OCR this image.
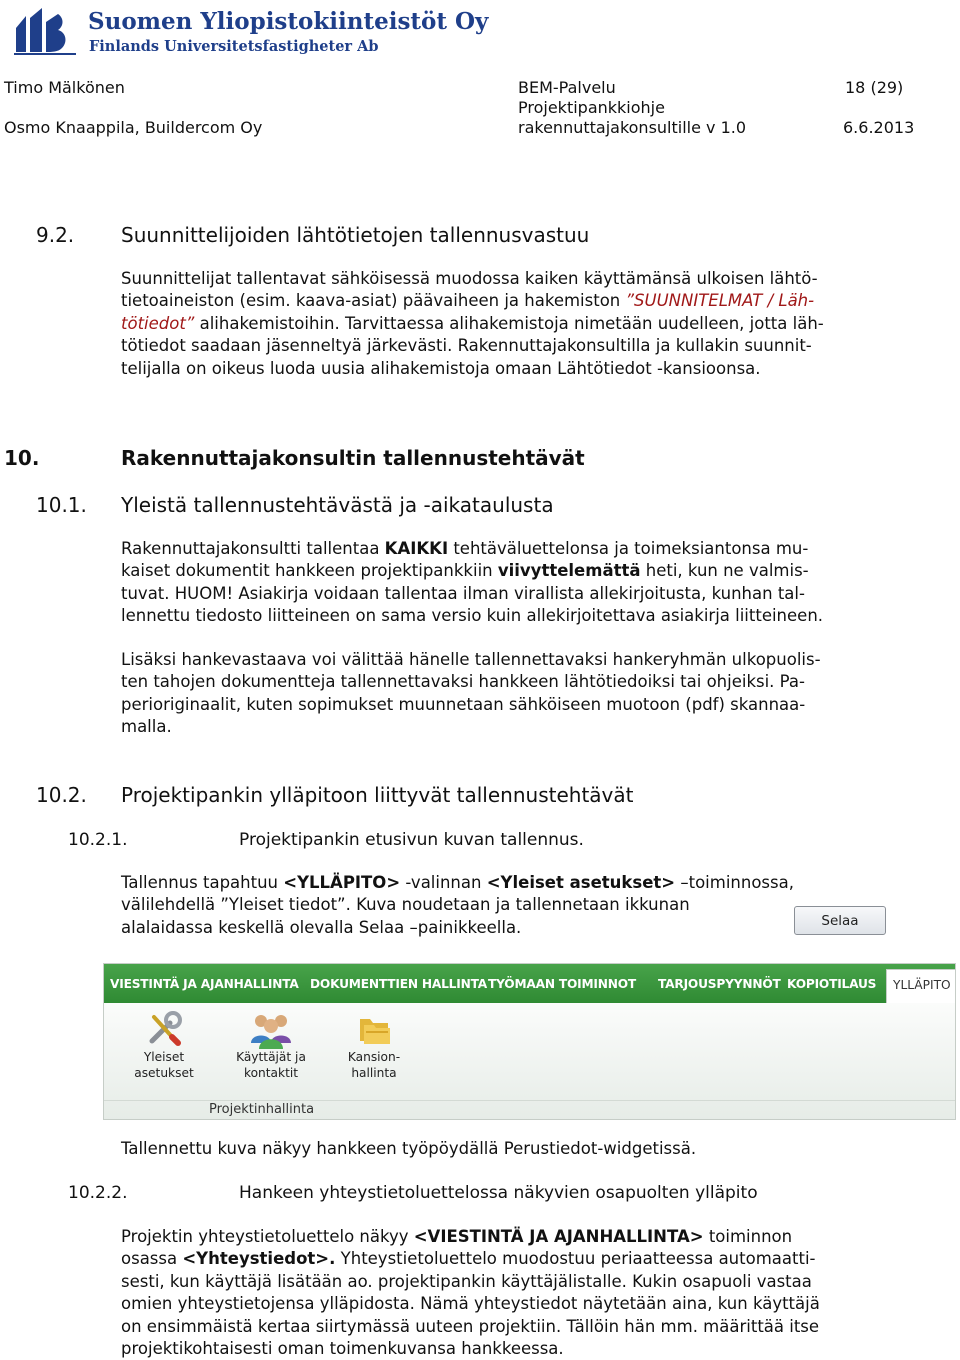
Suomen Yliopistokiinteistöt Oy
Finlands Universitetsfastigheter Ab
Timo Mälkönen
Osmo Knaappila, Buildercom Oy
BEM-Palvelu
Projektipankkiohje
rakennuttajakonsultille v 1.0
18 (29)
6.6.2013
9.2. Suunnittelijoiden lähtötietojen tallennusvastuu
Suunnittelijat tallentavat sähköisessä muodossa kaiken käyttämänsä ulkoisen lähtö-
tietoaineiston (esim. kaava-asiat) päävaiheen ja hakemiston ”SUUNNITELMAT / Läh-
tötiedot” alihakemistoihin. Tarvittaessa alihakemistoja nimetään uudelleen, jotta läh-
tötiedot saadaan jäsenneltyä järkevästi. Rakennuttajakonsultilla ja kullakin suunnit-
telijalla on oikeus luoda uusia alihakemistoja omaan Lähtötiedot -kansioonsa.
10.	Rakennuttajakonsultin tallennustehtävät
10.1. Yleistä tallennustehtävästä ja -aikataulusta
Rakennuttajakonsultti tallentaa KAIKKI tehtäväluettelonsa ja toimeksiantonsa mu-
kaiset dokumentit hankkeen projektipankkiin viivyttelemättä heti, kun ne valmis-
tuvat. HUOM! Asiakirja voidaan tallentaa ilman virallista allekirjoitusta, kunhan tal-
lennettu tiedosto liitteineen on sama versio kuin allekirjoitettava asiakirja liitteineen.
Lisäksi hankevastaava voi välittää hänelle tallennettavaksi hankeryhmän ulkopuolis-
ten tahojen dokumentteja tallennettavaksi hankkeen lähtötiedoiksi tai ohjeiksi. Pa-
perioriginaalit, kuten sopimukset muunnetaan sähköiseen muotoon (pdf) skannaa-
malla.
10.2. Projektipankin ylläpitoon liittyvät tallennustehtävät
10.2.1.	Projektipankin etusivun kuvan tallennus.
Tallennus tapahtuu <YLLÄPITO> -valinnan <Yleiset asetukset> –toiminnossa,
välilehdellä ”Yleiset tiedot”. Kuva noudetaan ja tallennetaan ikkunan
alalaidassa keskellä olevalla Selaa –painikkeella.	Selaa
VIESTINTÄ JA AJANHALLINTA DOKUMENTTIEN HALLINTA TYÖMAAN TOIMINNOT TARJOUSPYYNNÖT KOPIOTILAUS YLLÄPITO
Yleiset
asetukset
Käyttäjät ja
kontaktit
Kansion-
hallinta
Projektinhallinta
Tallennettu kuva näkyy hankkeen työpöydällä Perustiedot-widgetissä.
10.2.2.	Hankeen yhteystietoluettelossa näkyvien osapuolten ylläpito
Projektin yhteystietoluettelo näkyy <VIESTINTÄ JA AJANHALLINTA> toiminnon
osassa <Yhteystiedot>. Yhteystietoluettelo muodostuu periaatteessa automaatti-
sesti, kun käyttäjä lisätään ao. projektipankin käyttäjälistalle. Kukin osapuoli vastaa
omien yhteystietojensa ylläpidosta. Nämä yhteystiedot näytetään aina, kun käyttäjä
on ensimmäistä kertaa siirtymässä uuteen projektiin. Tällöin hän mm. määrittää itse
projektikohtaisesti oman toimenkuvansa hankkeessa.
